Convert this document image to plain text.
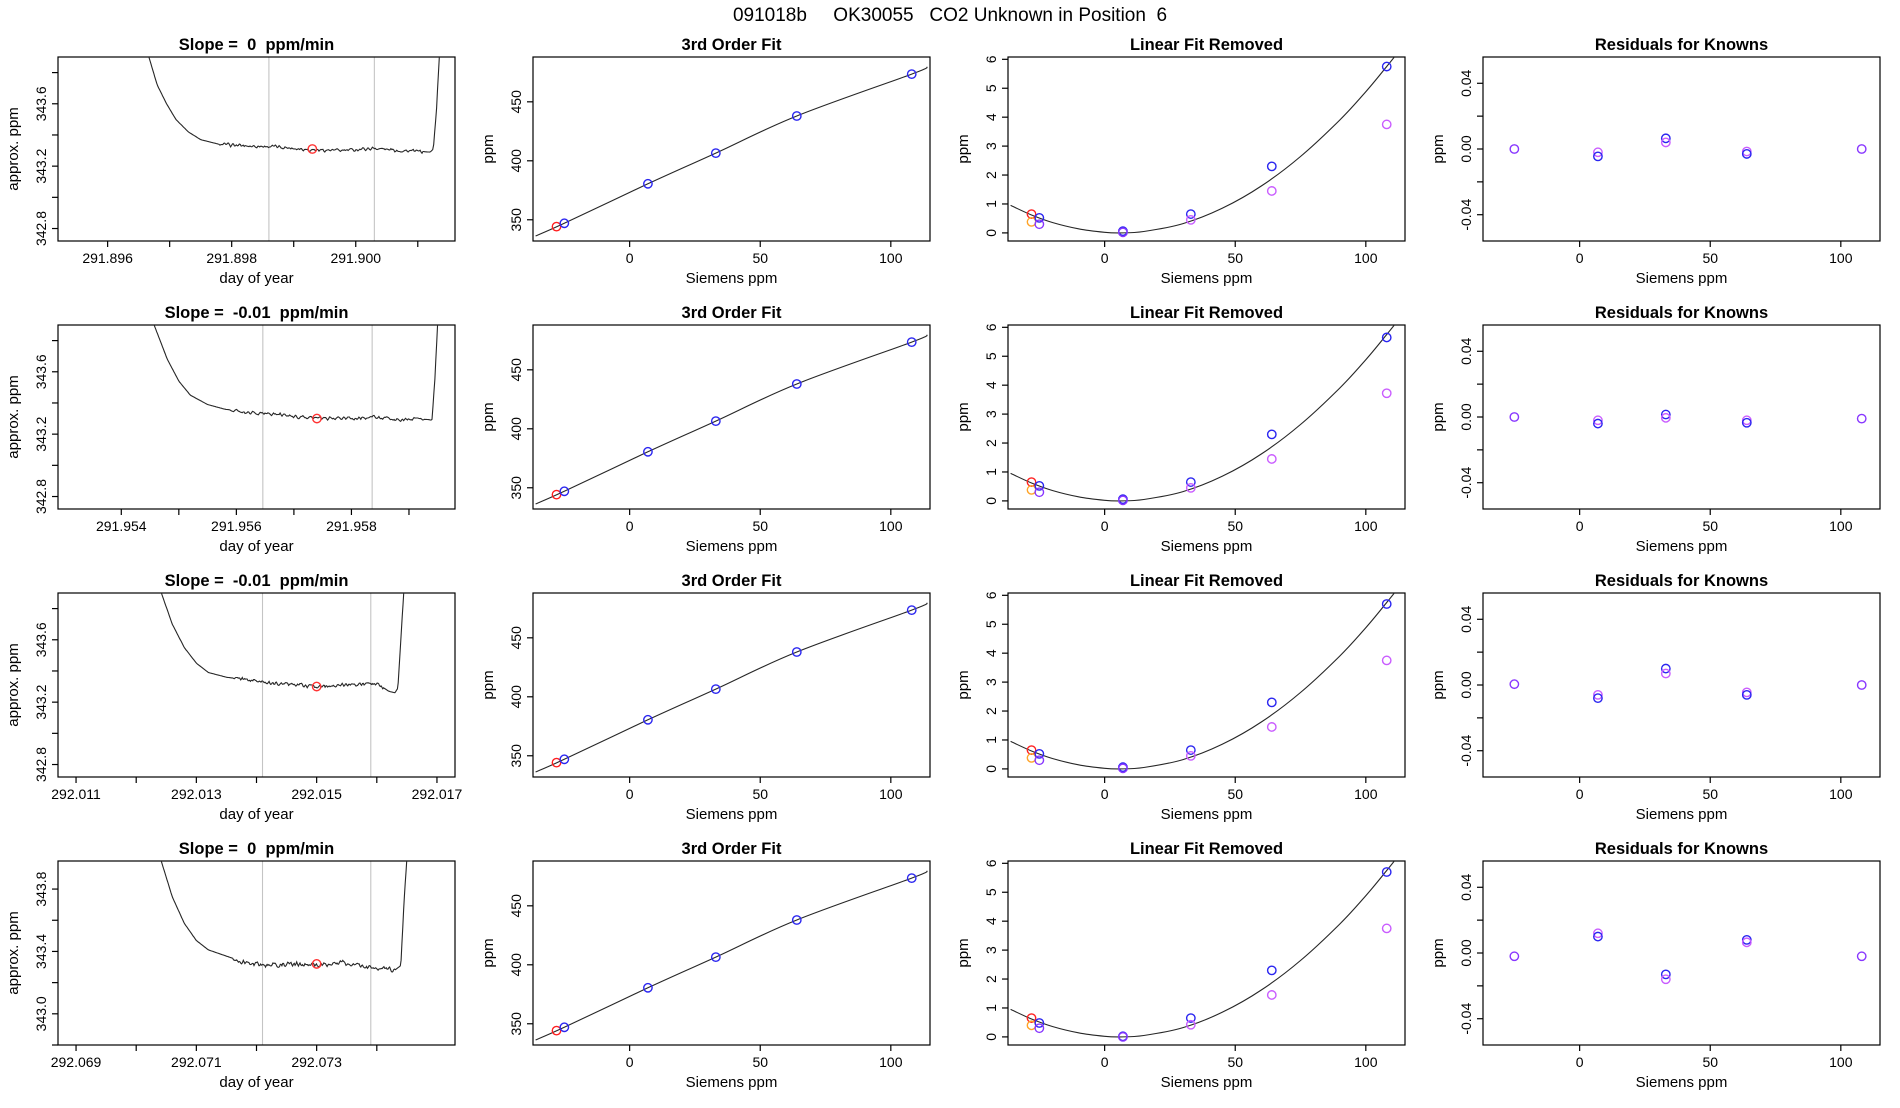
091018b     OK30055   CO2 Unknown in Position  6
Slope =  0  ppm/min
291.896	291.898	291.900
342.8
343.2
343.6
day of year
approx. ppm
3rd Order Fit
0	50	100
350
400
450
Siemens ppm
ppm
Linear Fit Removed
0	50	100
0
1
2
3
4
5
6
Siemens ppm
ppm
Residuals for Knowns
0	50	100
-0.04
0.00
0.04
Siemens ppm
ppm
Slope =  -0.01  ppm/min
291.954	291.956	291.958
342.8
343.2
343.6
day of year
approx. ppm
3rd Order Fit
0	50	100
350
400
450
Siemens ppm
ppm
Linear Fit Removed
0	50	100
0
1
2
3
4
5
6
Siemens ppm
ppm
Residuals for Knowns
0	50	100
-0.04
0.00
0.04
Siemens ppm
ppm
Slope =  -0.01  ppm/min
292.011	292.013	292.015	292.017
342.8
343.2
343.6
day of year
approx. ppm
3rd Order Fit
0	50	100
350
400
450
Siemens ppm
ppm
Linear Fit Removed
0	50	100
0
1
2
3
4
5
6
Siemens ppm
ppm
Residuals for Knowns
0	50	100
-0.04
0.00
0.04
Siemens ppm
ppm
Slope =  0  ppm/min
292.069	292.071	292.073
343.0
343.4
343.8
day of year
approx. ppm
3rd Order Fit
0	50	100
350
400
450
Siemens ppm
ppm
Linear Fit Removed
0	50	100
0
1
2
3
4
5
6
Siemens ppm
ppm
Residuals for Knowns
0	50	100
-0.04
0.00
0.04
Siemens ppm
ppm
